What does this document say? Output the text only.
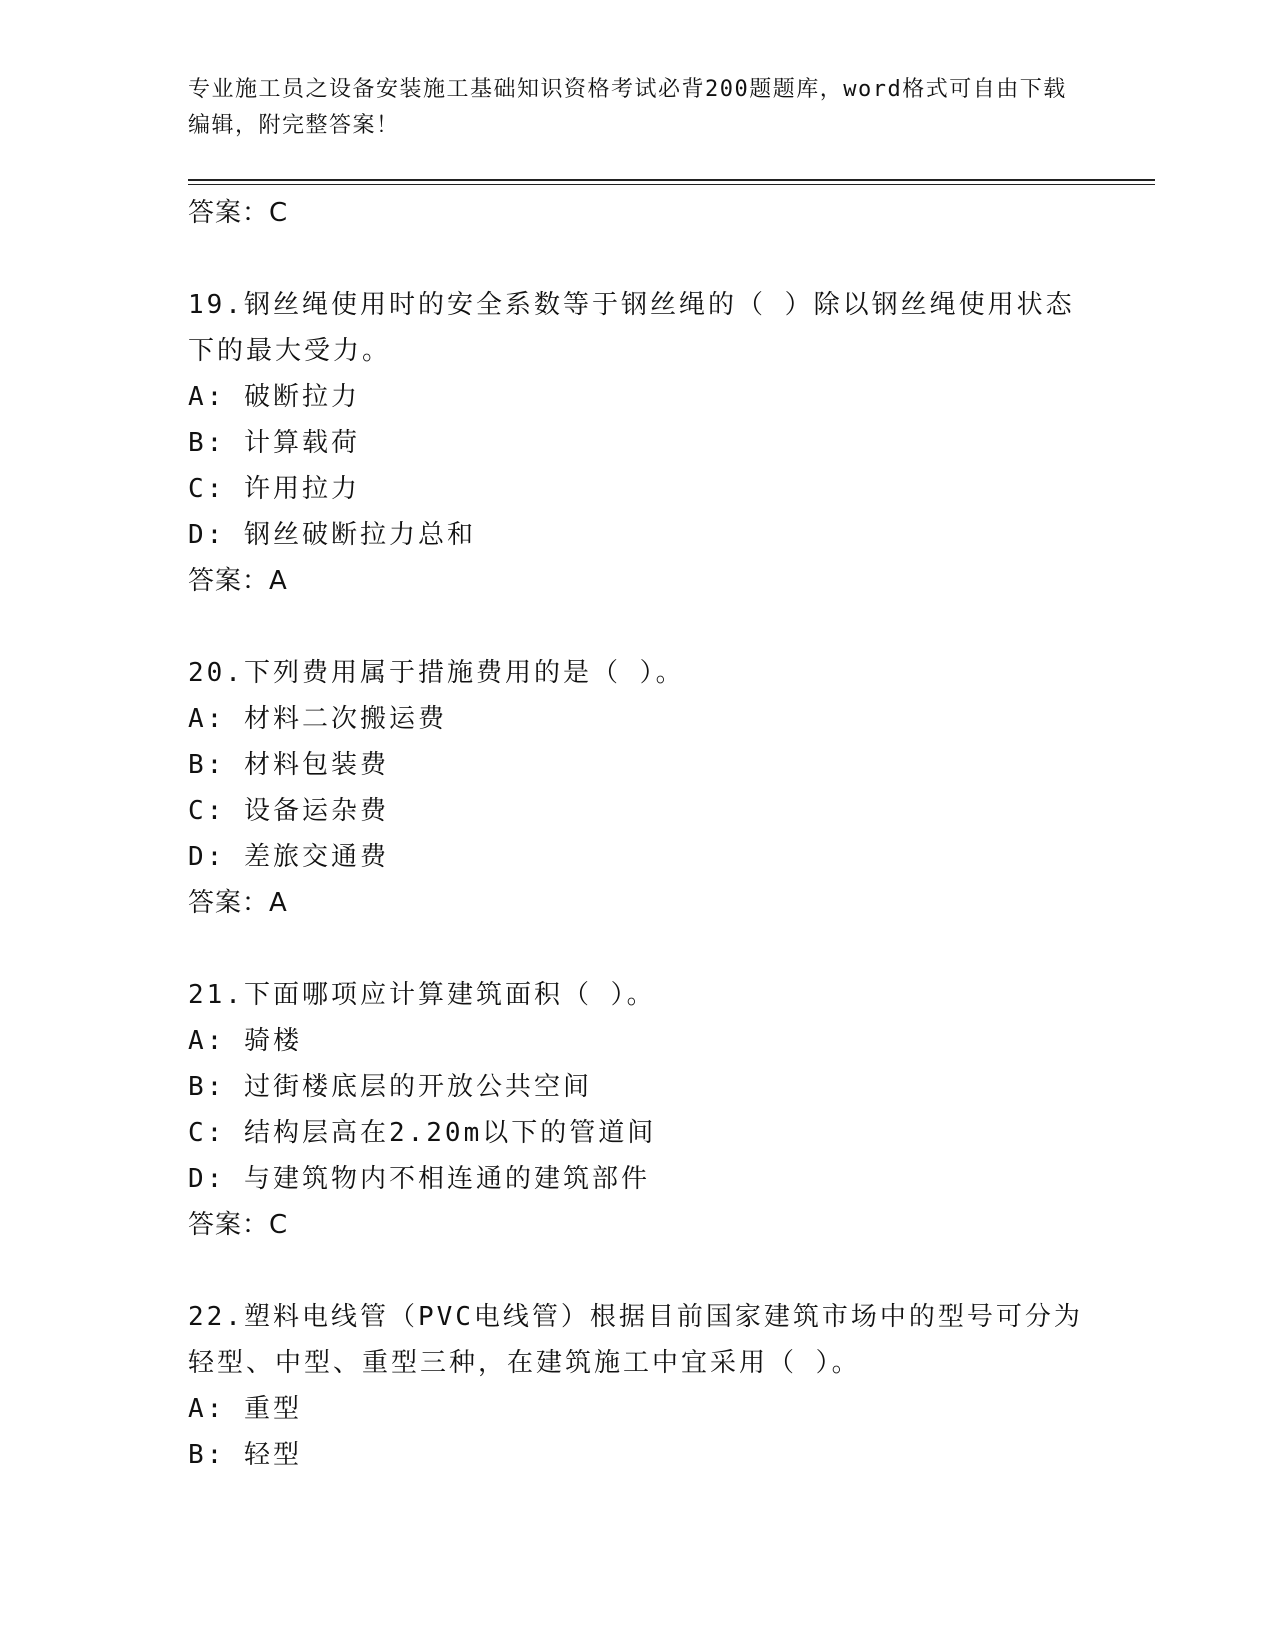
专业施工员之设备安装施工基础知识资格考试必背200题题库，word格式可自由下载编辑，附完整答案！
答案：C
19.钢丝绳使用时的安全系数等于钢丝绳的（ ）除以钢丝绳使用状态
下的最大受力。
A: 破断拉力
B: 计算载荷
C: 许用拉力
D: 钢丝破断拉力总和
答案：A
20.下列费用属于措施费用的是（ ）。
A: 材料二次搬运费
B: 材料包装费
C: 设备运杂费
D: 差旅交通费
答案：A
21.下面哪项应计算建筑面积（ ）。
A: 骑楼
B: 过街楼底层的开放公共空间
C: 结构层高在2.20m以下的管道间
D: 与建筑物内不相连通的建筑部件
答案：C
22.塑料电线管（PVC电线管）根据目前国家建筑市场中的型号可分为
轻型、中型、重型三种，在建筑施工中宜采用（ ）。
A: 重型
B: 轻型
